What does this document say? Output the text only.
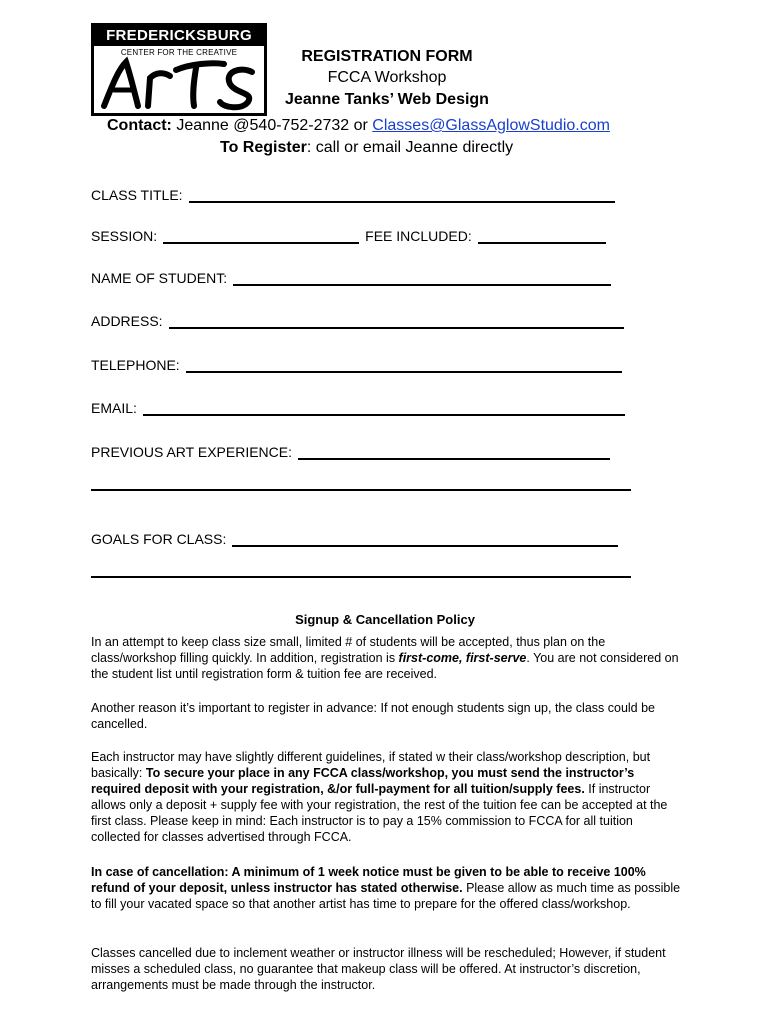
FREDERICKSBURG
CENTER FOR THE CREATIVE	REGISTRATION FORM
FCCA Workshop
Jeanne Tanks’ Web Design
Contact: Jeanne @540-752-2732 or Classes@GlassAglowStudio.com
To Register: call or email Jeanne directly
CLASS TITLE:
SESSION:	FEE INCLUDED:
NAME OF STUDENT:
ADDRESS:
TELEPHONE:
EMAIL:
PREVIOUS ART EXPERIENCE:
GOALS FOR CLASS:
Signup & Cancellation Policy
In an attempt to keep class size small, limited # of students will be accepted, thus plan on the class/workshop filling quickly. In addition, registration is first-come, first-serve. You are not considered on the student list until registration form & tuition fee are received.
Another reason it’s important to register in advance: If not enough students sign up, the class could be cancelled.
Each instructor may have slightly different guidelines, if stated w their class/workshop description, but basically: To secure your place in any FCCA class/workshop, you must send the instructor’s required deposit with your registration, &/or full-payment for all tuition/supply fees. If instructor allows only a deposit + supply fee with your registration, the rest of the tuition fee can be accepted at the first class. Please keep in mind: Each instructor is to pay a 15% commission to FCCA for all tuition collected for classes advertised through FCCA.
In case of cancellation: A minimum of 1 week notice must be given to be able to receive 100% refund of your deposit, unless instructor has stated otherwise. Please allow as much time as possible to fill your vacated space so that another artist has time to prepare for the offered class/workshop.
Classes cancelled due to inclement weather or instructor illness will be rescheduled; However, if student misses a scheduled class, no guarantee that makeup class will be offered. At instructor’s discretion, arrangements must be made through the instructor.
